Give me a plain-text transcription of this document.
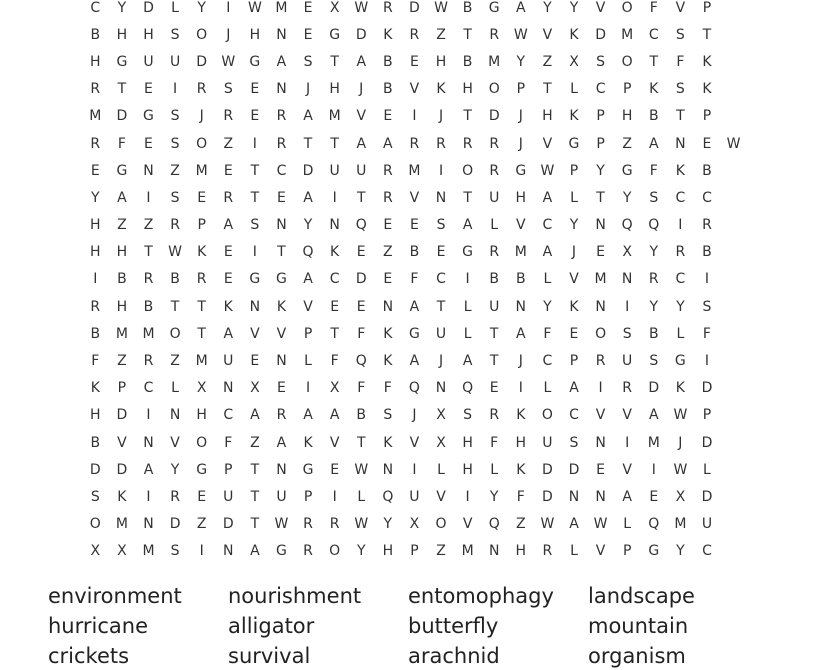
C	Y	D	L	Y	I	W M	E	X	W	R	D	W	B	G	A	Y	Y	V	O	F	V	P
B	H	H	S	O	J	H	N	E	G	D	K	R	Z	T	R	W	V	K	D	M	C	S	T
H	G	U	U	D	W	G	A	S	T	A	B	E	H	B	M	Y	Z	X	S	O	T	F	K
R	T	E	I	R	S	E	N	J	H	J	B	V	K	H	O	P	T	L	C	P	K	S	K
M	D	G	S	J	R	E	R	A	M	V	E	I	J	T	D	J	H	K	P	H	B	T	P
R	F	E	S	O	Z	I	R	T	T	A	A	R	R	R	R	J	V	G	P	Z	A	N	E	W
E	G	N	Z	M	E	T	C	D	U	U	R	M	I	O	R	G	W	P	Y	G	F	K	B
Y	A	I	S	E	R	T	E	A	I	T	R	V	N	T	U	H	A	L	T	Y	S	C	C
H	Z	Z	R	P	A	S	N	Y	N	Q	E	E	S	A	L	V	C	Y	N	Q	Q	I	R
H	H	T	W	K	E	I	T	Q	K	E	Z	B	E	G	R	M	A	J	E	X	Y	R	B
I	B	R	B	R	E	G	G	A	C	D	E	F	C	I	B	B	L	V	M	N	R	C	I
R	H	B	T	T	K	N	K	V	E	E	N	A	T	L	U	N	Y	K	N	I	Y	Y	S
B	M	M	O	T	A	V	V	P	T	F	K	G	U	L	T	A	F	E	O	S	B	L	F
F	Z	R	Z	M	U	E	N	L	F	Q	K	A	J	A	T	J	C	P	R	U	S	G	I
K	P	C	L	X	N	X	E	I	X	F	F	Q	N	Q	E	I	L	A	I	R	D	K	D
H	D	I	N	H	C	A	R	A	A	B	S	J	X	S	R	K	O	C	V	V	A	W	P
B	V	N	V	O	F	Z	A	K	V	T	K	V	X	H	F	H	U	S	N	I	M	J	D
D	D	A	Y	G	P	T	N	G	E	W	N	I	L	H	L	K	D	D	E	V	I	W	L
S	K	I	R	E	U	T	U	P	I	L	Q	U	V	I	Y	F	D	N	N	A	E	X	D
O	M	N	D	Z	D	T	W	R	R	W	Y	X	O	V	Q	Z	W	A	W	L	Q	M	U
X	X	M	S	I	N	A	G	R	O	Y	H	P	Z	M	N	H	R	L	V	P	G	Y	C
environment	nourishment	entomophagy	landscape
hurricane	alligator	butterfly	mountain
crickets	survival	arachnid	organism
